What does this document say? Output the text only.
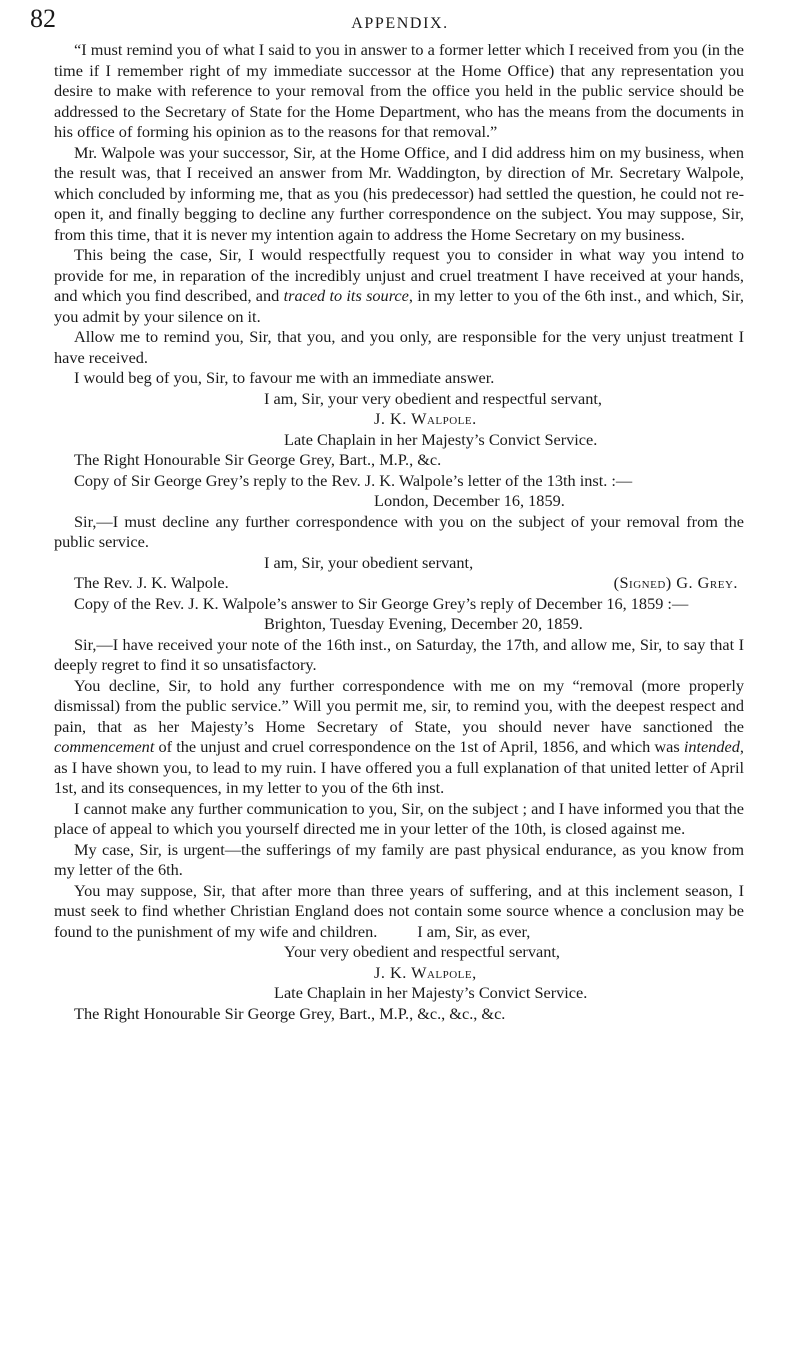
82	APPENDIX.

“I must remind you of what I said to you in answer to a former letter which I received from you (in the time if I remember right of my immediate successor at the Home Office) that any representation you desire to make with reference to your removal from the office you held in the public service should be addressed to the Secretary of State for the Home Department, who has the means from the documents in his office of forming his opinion as to the reasons for that removal.”

Mr. Walpole was your successor, Sir, at the Home Office, and I did address him on my business, when the result was, that I received an answer from Mr. Waddington, by direction of Mr. Secretary Walpole, which concluded by informing me, that as you (his predecessor) had settled the question, he could not re-open it, and finally begging to decline any further correspondence on the subject. You may suppose, Sir, from this time, that it is never my intention again to address the Home Secretary on my business.

This being the case, Sir, I would respectfully request you to consider in what way you intend to provide for me, in reparation of the incredibly unjust and cruel treatment I have received at your hands, and which you find described, and traced to its source, in my letter to you of the 6th inst., and which, Sir, you admit by your silence on it.

Allow me to remind you, Sir, that you, and you only, are responsible for the very unjust treatment I have received.

I would beg of you, Sir, to favour me with an immediate answer.

I am, Sir, your very obedient and respectful servant,

J. K. Walpole.

Late Chaplain in her Majesty’s Convict Service.

The Right Honourable Sir George Grey, Bart., M.P., &c.

Copy of Sir George Grey’s reply to the Rev. J. K. Walpole’s letter of the 13th inst. :—

London, December 16, 1859.

Sir,—I must decline any further correspondence with you on the subject of your removal from the public service.

I am, Sir, your obedient servant,

The Rev. J. K. Walpole.	(Signed) G. Grey.

Copy of the Rev. J. K. Walpole’s answer to Sir George Grey’s reply of December 16, 1859 :—

Brighton, Tuesday Evening, December 20, 1859.

Sir,—I have received your note of the 16th inst., on Saturday, the 17th, and allow me, Sir, to say that I deeply regret to find it so unsatisfactory.

You decline, Sir, to hold any further correspondence with me on my “removal (more properly dismissal) from the public service.” Will you permit me, sir, to remind you, with the deepest respect and pain, that as her Majesty’s Home Secretary of State, you should never have sanctioned the commencement of the unjust and cruel correspondence on the 1st of April, 1856, and which was intended, as I have shown you, to lead to my ruin. I have offered you a full explanation of that united letter of April 1st, and its consequences, in my letter to you of the 6th inst.

I cannot make any further communication to you, Sir, on the subject ; and I have informed you that the place of appeal to which you yourself directed me in your letter of the 10th, is closed against me.

My case, Sir, is urgent—the sufferings of my family are past physical endurance, as you know from my letter of the 6th.

You may suppose, Sir, that after more than three years of suffering, and at this inclement season, I must seek to find whether Christian England does not contain some source whence a conclusion may be found to the punishment of my wife and children. I am, Sir, as ever,

Your very obedient and respectful servant,

J. K. Walpole,

Late Chaplain in her Majesty’s Convict Service.

The Right Honourable Sir George Grey, Bart., M.P., &c., &c., &c.
